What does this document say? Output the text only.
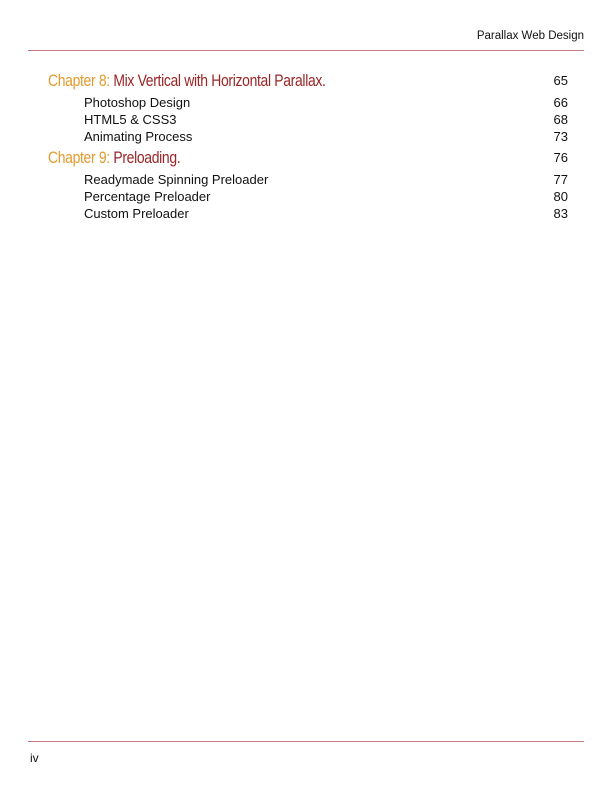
Parallax Web Design
Chapter 8: Mix Vertical with Horizontal Parallax.	65
Photoshop Design	66
HTML5 & CSS3	68
Animating Process	73
Chapter 9: Preloading.	76
Readymade Spinning Preloader	77
Percentage Preloader	80
Custom Preloader	83
iv
